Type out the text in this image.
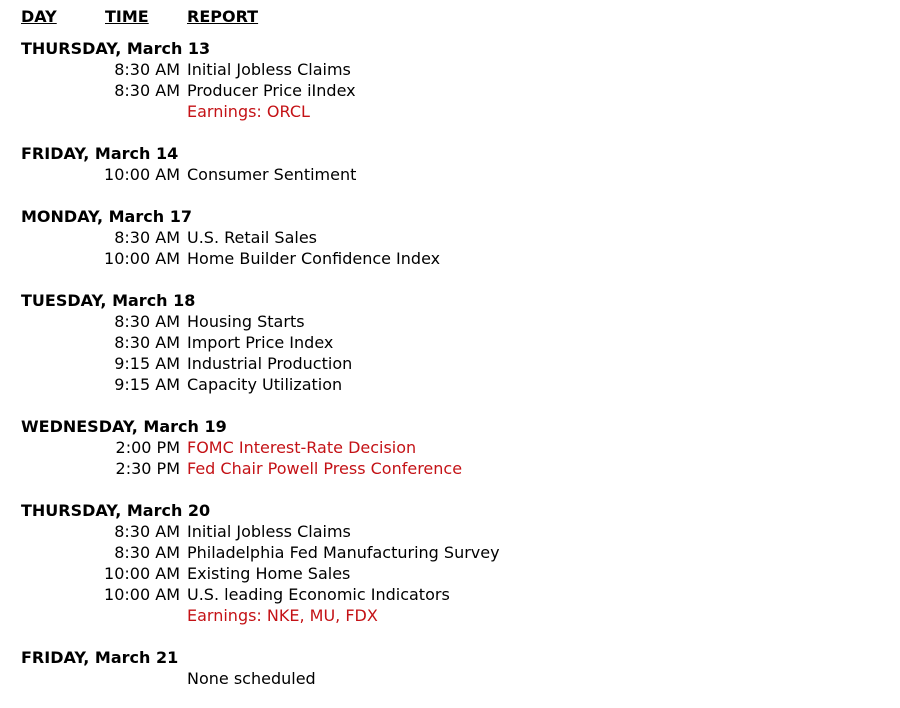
DAY	TIME REPORT
THURSDAY, March 13
8:30 AM Initial Jobless Claims
8:30 AM Producer Price iIndex
Earnings: ORCL
FRIDAY, March 14
10:00 AM Consumer Sentiment
MONDAY, March 17
8:30 AM U.S. Retail Sales
10:00 AM Home Builder Confidence Index
TUESDAY, March 18
8:30 AM Housing Starts
8:30 AM Import Price Index
9:15 AM Industrial Production
9:15 AM Capacity Utilization
WEDNESDAY, March 19
2:00 PM FOMC Interest-Rate Decision
2:30 PM Fed Chair Powell Press Conference
THURSDAY, March 20
8:30 AM Initial Jobless Claims
8:30 AM Philadelphia Fed Manufacturing Survey
10:00 AM Existing Home Sales
10:00 AM U.S. leading Economic Indicators
Earnings: NKE, MU, FDX
FRIDAY, March 21
None scheduled
